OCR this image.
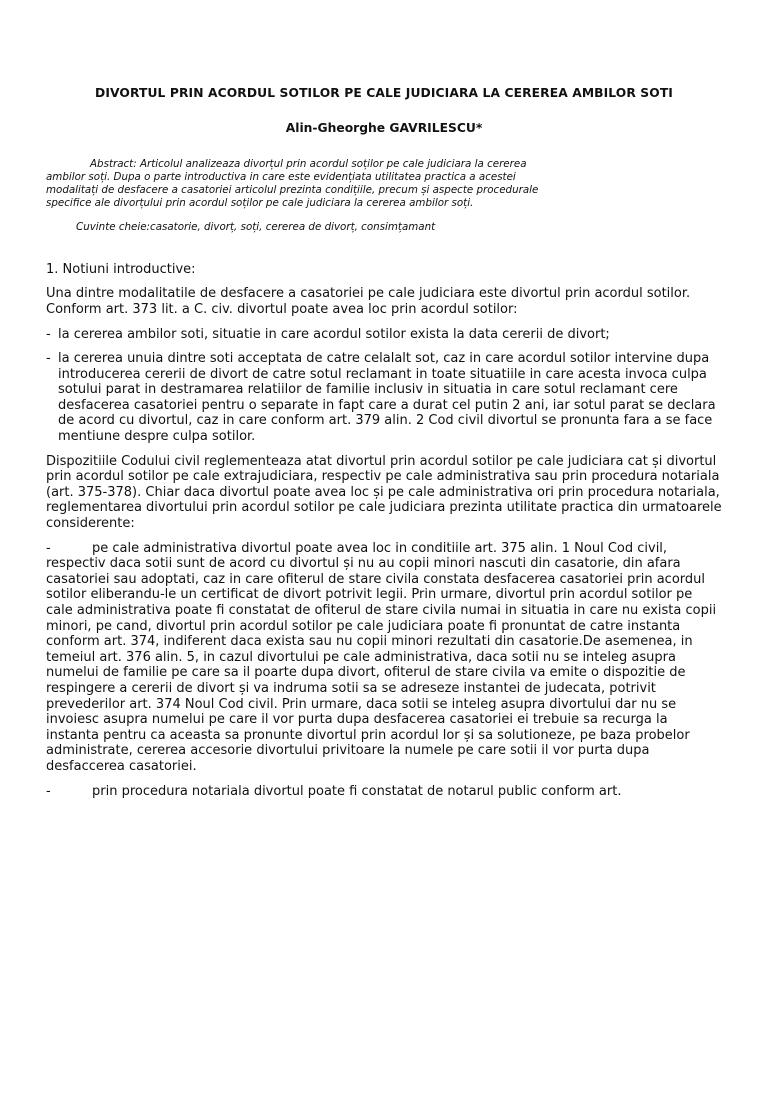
DIVORTUL PRIN ACORDUL SOTILOR PE CALE JUDICIARA LA CEREREA AMBILOR SOTI
Alin-Gheorghe GAVRILESCU*

Abstract: Articolul analizeaza divorțul prin acordul soților pe cale judiciara la cererea ambilor soți. Dupa o parte introductiva in care este evidențiata utilitatea practica a acestei modalitați de desfacere a casatoriei articolul prezinta condițiile, precum și aspecte procedurale specifice ale divorțului prin acordul soților pe cale judiciara la cererea ambilor soți.

Cuvinte cheie:casatorie, divorț, soți, cererea de divorț, consimțamant

1. Notiuni introductive:

Una dintre modalitatile de desfacere a casatoriei pe cale judiciara este divortul prin acordul sotilor. Conform art. 373 lit. a C. civ. divortul poate avea loc prin acordul sotilor:

- la cererea ambilor soti, situatie in care acordul sotilor exista la data cererii de divort;
- la cererea unuia dintre soti acceptata de catre celalalt sot, caz in care acordul sotilor intervine dupa introducerea cererii de divort de catre sotul reclamant in toate situatiile in care acesta invoca culpa sotului parat in destramarea relatiilor de familie inclusiv in situatia in care sotul reclamant cere desfacerea casatoriei pentru o separate in fapt care a durat cel putin 2 ani, iar sotul parat se declara de acord cu divortul, caz in care conform art. 379 alin. 2 Cod civil divortul se pronunta fara a se face mentiune despre culpa sotilor.

Dispozitiile Codului civil reglementeaza atat divortul prin acordul sotilor pe cale judiciara cat și divortul prin acordul sotilor pe cale extrajudiciara, respectiv pe cale administrativa sau prin procedura notariala (art. 375-378). Chiar daca divortul poate avea loc și pe cale administrativa ori prin procedura notariala, reglementarea divortului prin acordul sotilor pe cale judiciara prezinta utilitate practica din urmatoarele considerente:

-	pe cale administrativa divortul poate avea loc in conditiile art. 375 alin. 1 Noul Cod civil, respectiv daca sotii sunt de acord cu divortul și nu au copii minori nascuti din casatorie, din afara casatoriei sau adoptati, caz in care ofiterul de stare civila constata desfacerea casatoriei prin acordul sotilor eliberandu-le un certificat de divort potrivit legii. Prin urmare, divortul prin acordul sotilor pe cale administrativa poate fi constatat de ofiterul de stare civila numai in situatia in care nu exista copii minori, pe cand, divortul prin acordul sotilor pe cale judiciara poate fi pronuntat de catre instanta conform art. 374, indiferent daca exista sau nu copii minori rezultati din casatorie.De asemenea, in temeiul art. 376 alin. 5, in cazul divortului pe cale administrativa, daca sotii nu se inteleg asupra numelui de familie pe care sa il poarte dupa divort, ofiterul de stare civila va emite o dispozitie de respingere a cererii de divort și va indruma sotii sa se adreseze instantei de judecata, potrivit prevederilor art. 374 Noul Cod civil. Prin urmare, daca sotii se inteleg asupra divortului dar nu se invoiesc asupra numelui pe care il vor purta dupa desfacerea casatoriei ei trebuie sa recurga la instanta pentru ca aceasta sa pronunte divortul prin acordul lor și sa solutioneze, pe baza probelor administrate, cererea accesorie divortului privitoare la numele pe care sotii il vor purta dupa desfaccerea casatoriei.
-	prin procedura notariala divortul poate fi constatat de notarul public conform art.
